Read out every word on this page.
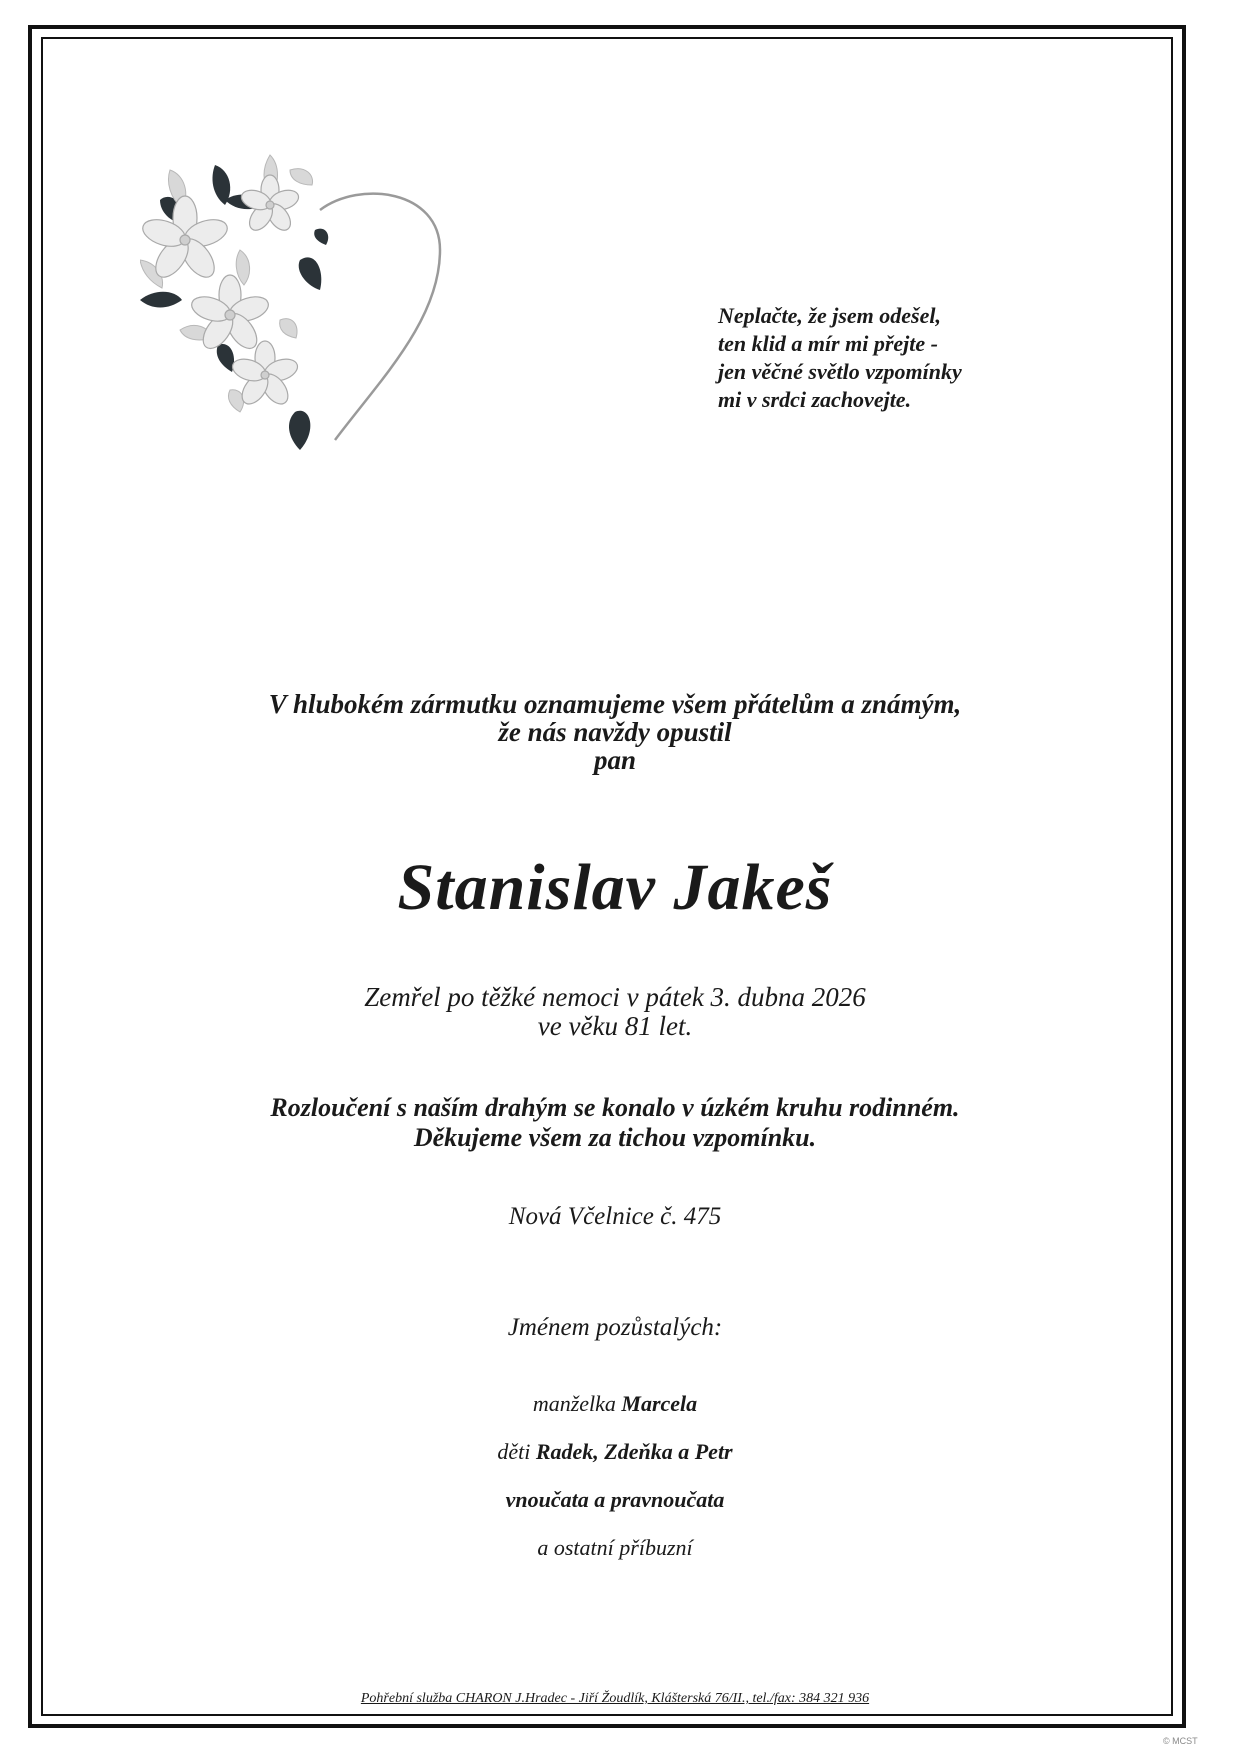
Neplačte, že jsem odešel,
ten klid a mír mi přejte -
jen věčné světlo vzpomínky
mi v srdci zachovejte.
V hlubokém zármutku oznamujeme všem přátelům a známým,
že nás navždy opustil
pan
Stanislav Jakeš
Zemřel po těžké nemoci v pátek 3. dubna 2026
ve věku 81 let.
Rozloučení s naším drahým se konalo v úzkém kruhu rodinném.
Děkujeme všem za tichou vzpomínku.
Nová Včelnice č. 475
Jménem pozůstalých:
manželka Marcela
děti Radek, Zdeňka a Petr
vnoučata a pravnoučata
a ostatní příbuzní
Pohřební služba CHARON J.Hradec - Jiří Žoudlík, Klášterská 76/II., tel./fax: 384 321 936
© MCST
